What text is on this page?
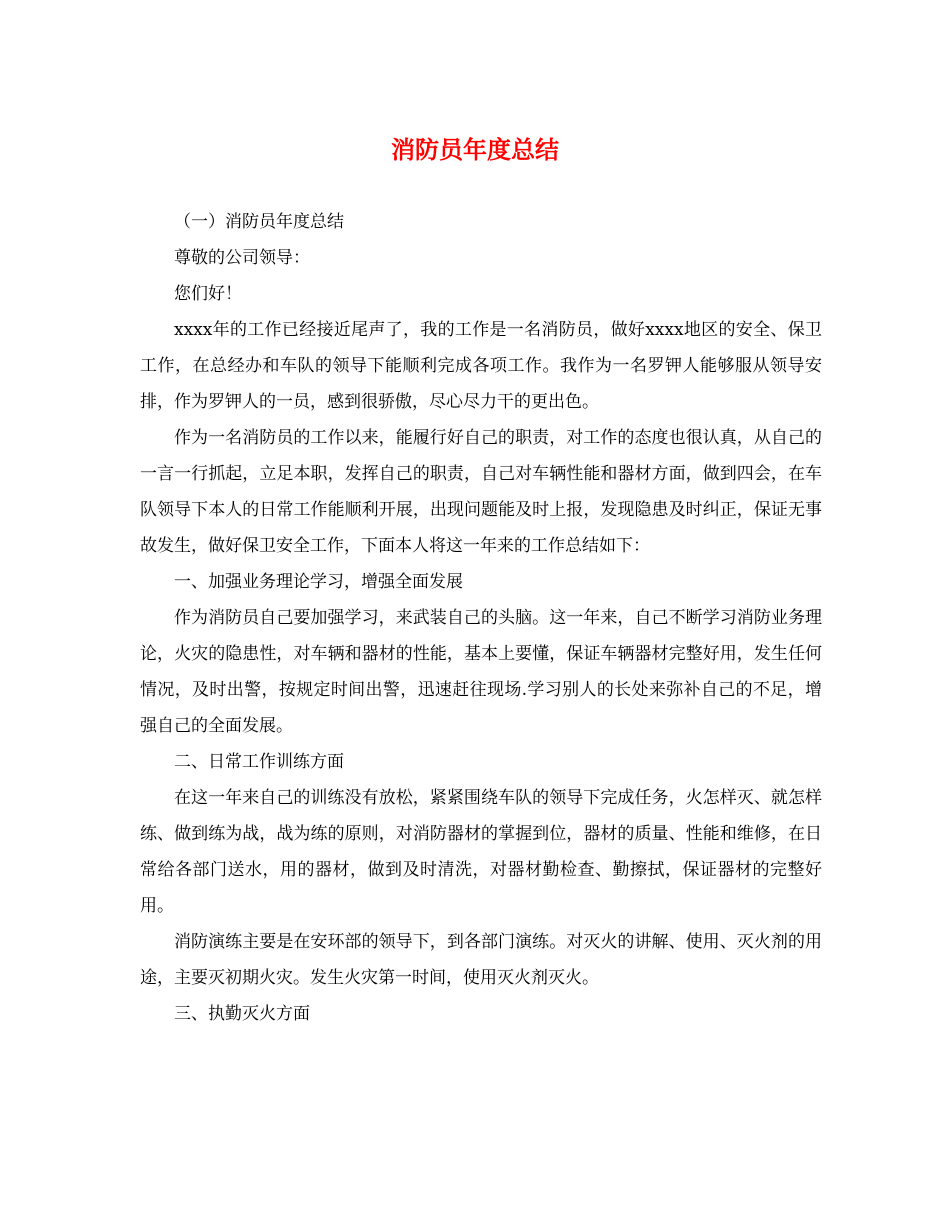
消防员年度总结

（一）消防员年度总结

尊敬的公司领导：

您们好！

xxxx年的工作已经接近尾声了，我的工作是一名消防员，做好xxxx地区的安全、保卫工作，在总经办和车队的领导下能顺利完成各项工作。我作为一名罗钾人能够服从领导安排，作为罗钾人的一员，感到很骄傲，尽心尽力干的更出色。

作为一名消防员的工作以来，能履行好自己的职责，对工作的态度也很认真，从自己的一言一行抓起，立足本职，发挥自己的职责，自己对车辆性能和器材方面，做到四会，在车队领导下本人的日常工作能顺利开展，出现问题能及时上报，发现隐患及时纠正，保证无事故发生，做好保卫安全工作，下面本人将这一年来的工作总结如下：

一、加强业务理论学习，增强全面发展

作为消防员自己要加强学习，来武装自己的头脑。这一年来，自己不断学习消防业务理论，火灾的隐患性，对车辆和器材的性能，基本上要懂，保证车辆器材完整好用，发生任何情况，及时出警，按规定时间出警，迅速赶往现场.学习别人的长处来弥补自己的不足，增强自己的全面发展。

二、日常工作训练方面

在这一年来自己的训练没有放松，紧紧围绕车队的领导下完成任务，火怎样灭、就怎样练、做到练为战，战为练的原则，对消防器材的掌握到位，器材的质量、性能和维修，在日常给各部门送水，用的器材，做到及时清洗，对器材勤检查、勤擦拭，保证器材的完整好用。

消防演练主要是在安环部的领导下，到各部门演练。对灭火的讲解、使用、灭火剂的用途，主要灭初期火灾。发生火灾第一时间，使用灭火剂灭火。

三、执勤灭火方面
